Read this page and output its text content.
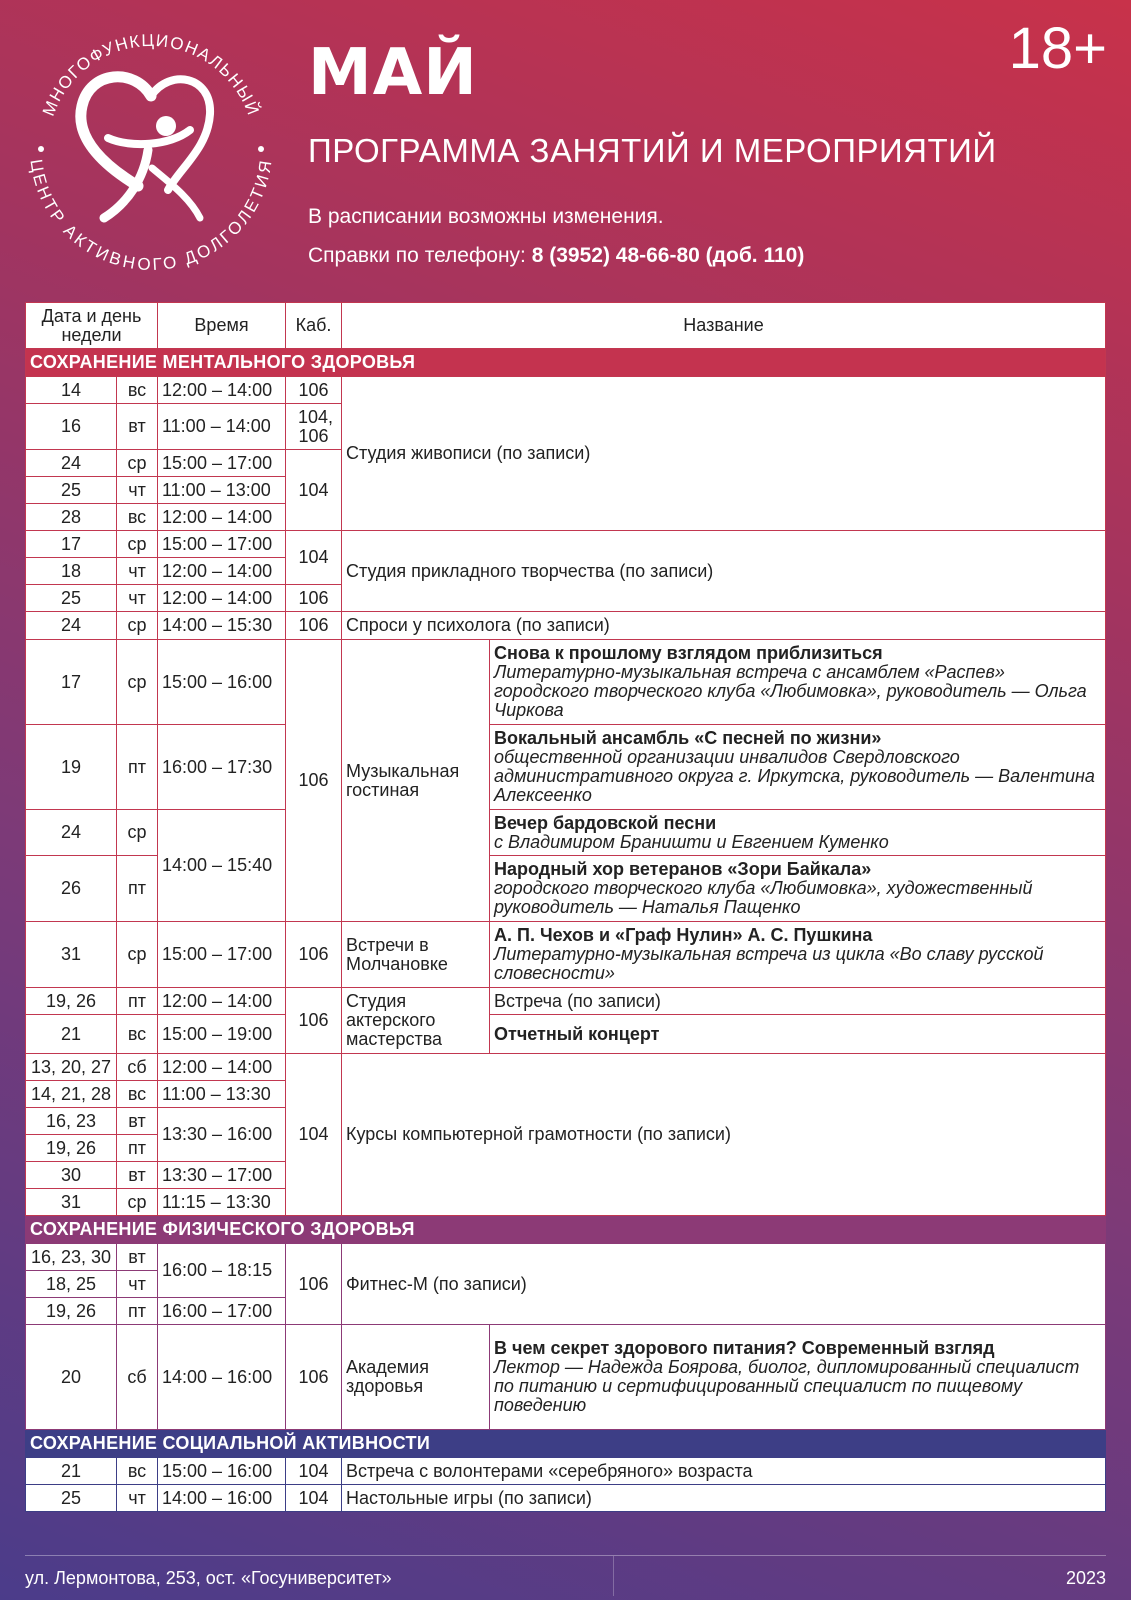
МНОГОФУНКЦИОНАЛЬНЫЙ
ЦЕНТР АКТИВНОГО ДОЛГОЛЕТИЯ
МАЙ	18+
ПРОГРАММА ЗАНЯТИЙ И МЕРОПРИЯТИЙ
В расписании возможны изменения.
Справки по телефону: 8 (3952) 48-66-80 (доб. 110)
Дата и день недели		Время	Каб.	Название	
СОХРАНЕНИЕ МЕНТАЛЬНОГО ЗДОРОВЬЯ					
14	вс	12:00 – 14:00	106	Студия живописи (по записи)	
16	вт	11:00 – 14:00	104, 106		
24	ср	15:00 – 17:00	104		
25	чт	11:00 – 13:00			
28	вс	12:00 – 14:00			
17	ср	15:00 – 17:00	104	Студия прикладного творчества (по записи)	
18	чт	12:00 – 14:00			
25	чт	12:00 – 14:00	106		
24	ср	14:00 – 15:30	106	Спроси у психолога (по записи)	
17	ср	15:00 – 16:00	106	Музыкальная гостиная	Снова к прошлому взглядом приблизиться
Литературно-музыкальная встреча с ансамблем «Распев» городского творческого клуба «Любимовка», руководитель — Ольга Чиркова

19	пт	16:00 – 17:30			Вокальный ансамбль «С песней по жизни»
общественной организации инвалидов Свердловского административного округа г. Иркутска, руководитель — Валентина Алексеенко

24	ср	14:00 – 15:40			Вечер бардовской песни
с Владимиром Браништи и Евгением Куменко

26	пт				Народный хор ветеранов «Зори Байкала»
городского творческого клуба «Любимовка», художественный руководитель — Наталья Пащенко

31	ср	15:00 – 17:00	106	Встречи в Молчановке	А. П. Чехов и «Граф Нулин» А. С. Пушкина
Литературно-музыкальная встреча из цикла «Во славу русской словесности»

19, 26	пт	12:00 – 14:00	106	Студия актерского мастерства	Встреча (по записи)
21	вс	15:00 – 19:00			Отчетный концерт
13, 20, 27	сб	12:00 – 14:00	104	Курсы компьютерной грамотности (по записи)	
14, 21, 28	вс	11:00 – 13:30			
16, 23	вт	13:30 – 16:00			
19, 26	пт				
30	вт	13:30 – 17:00			
31	ср	11:15 – 13:30			
СОХРАНЕНИЕ ФИЗИЧЕСКОГО ЗДОРОВЬЯ					
16, 23, 30	вт	16:00 – 18:15	106	Фитнес-М (по записи)	
18, 25	чт				
19, 26	пт	16:00 – 17:00			
20	сб	14:00 – 16:00	106	Академия здоровья	В чем секрет здорового питания? Современный взгляд
Лектор — Надежда Боярова, биолог, дипломированный специалист по питанию и сертифицированный специалист по пищевому поведению

СОХРАНЕНИЕ СОЦИАЛЬНОЙ АКТИВНОСТИ					
21	вс	15:00 – 16:00	104	Встреча с волонтерами «серебряного» возраста	
25	чт	14:00 – 16:00	104	Настольные игры (по записи)	
ул. Лермонтова, 253, ост. «Госуниверситет»	2023
